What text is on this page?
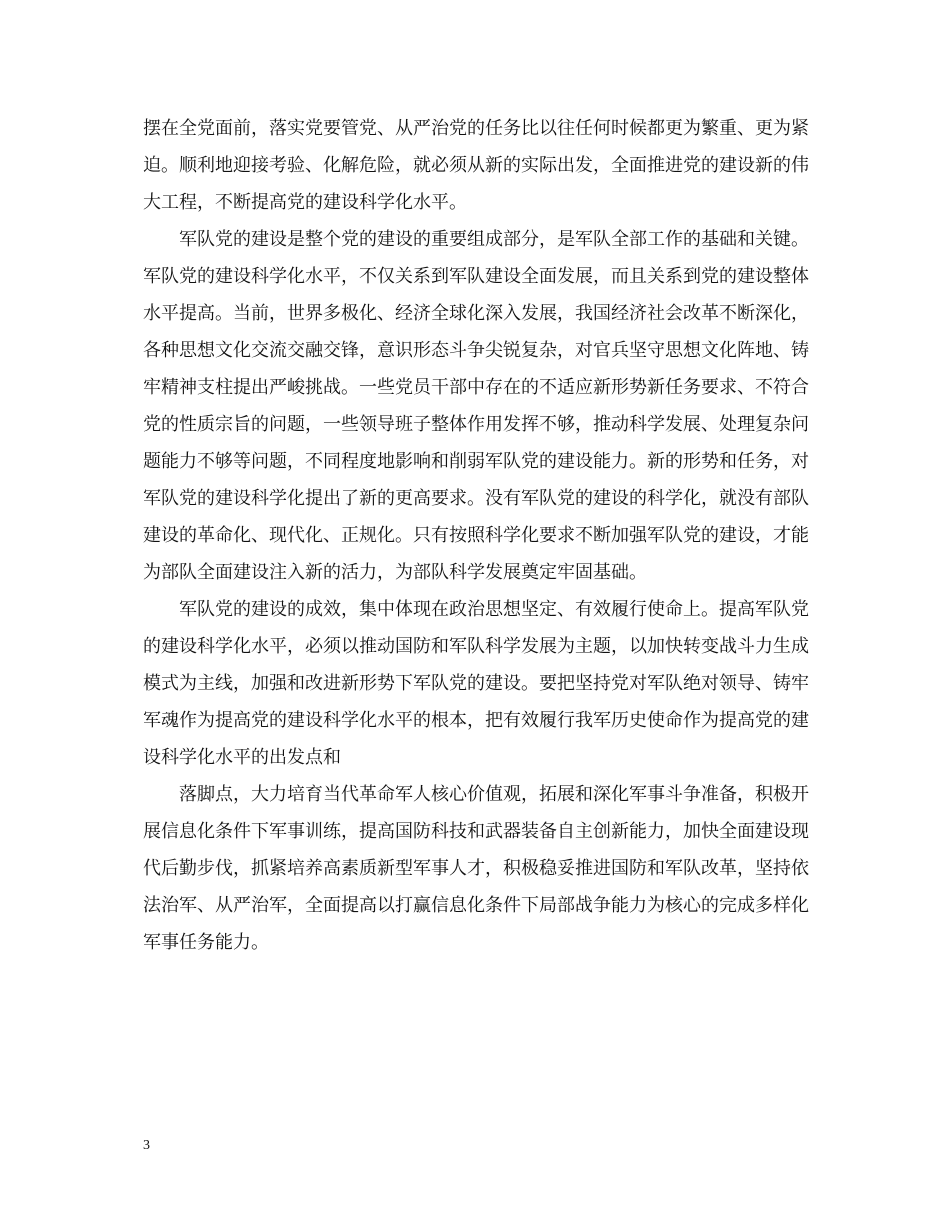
摆在全党面前，落实党要管党、从严治党的任务比以往任何时候都更为繁重、更为紧迫。顺利地迎接考验、化解危险，就必须从新的实际出发，全面推进党的建设新的伟大工程，不断提高党的建设科学化水平。

军队党的建设是整个党的建设的重要组成部分，是军队全部工作的基础和关键。军队党的建设科学化水平，不仅关系到军队建设全面发展，而且关系到党的建设整体水平提高。当前，世界多极化、经济全球化深入发展，我国经济社会改革不断深化，各种思想文化交流交融交锋，意识形态斗争尖锐复杂，对官兵坚守思想文化阵地、铸牢精神支柱提出严峻挑战。一些党员干部中存在的不适应新形势新任务要求、不符合党的性质宗旨的问题，一些领导班子整体作用发挥不够，推动科学发展、处理复杂问题能力不够等问题，不同程度地影响和削弱军队党的建设能力。新的形势和任务，对军队党的建设科学化提出了新的更高要求。没有军队党的建设的科学化，就没有部队建设的革命化、现代化、正规化。只有按照科学化要求不断加强军队党的建设，才能为部队全面建设注入新的活力，为部队科学发展奠定牢固基础。

军队党的建设的成效，集中体现在政治思想坚定、有效履行使命上。提高军队党的建设科学化水平，必须以推动国防和军队科学发展为主题，以加快转变战斗力生成模式为主线，加强和改进新形势下军队党的建设。要把坚持党对军队绝对领导、铸牢军魂作为提高党的建设科学化水平的根本，把有效履行我军历史使命作为提高党的建设科学化水平的出发点和

落脚点，大力培育当代革命军人核心价值观，拓展和深化军事斗争准备，积极开展信息化条件下军事训练，提高国防科技和武器装备自主创新能力，加快全面建设现代后勤步伐，抓紧培养高素质新型军事人才，积极稳妥推进国防和军队改革，坚持依法治军、从严治军，全面提高以打赢信息化条件下局部战争能力为核心的完成多样化军事任务能力。

3
